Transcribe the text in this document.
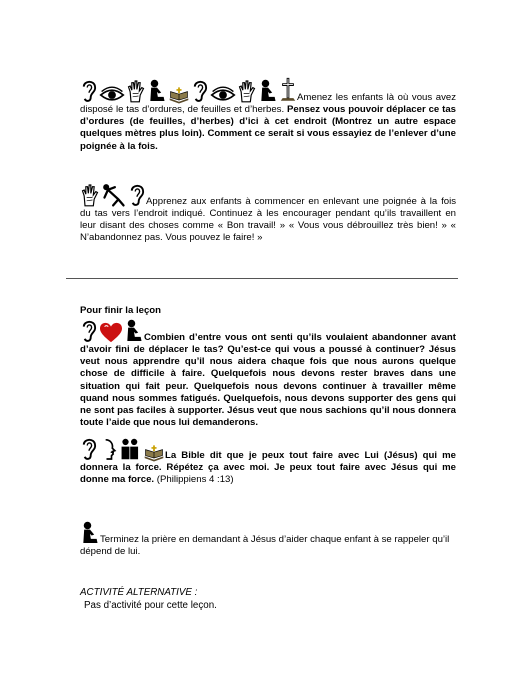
Amenez les enfants là où vous avez disposé le tas d’ordures, de feuilles et d’herbes. Pensez vous pouvoir déplacer ce tas d’ordures (de feuilles, d’herbes) d’ici à cet endroit (Montrez un autre espace quelques mètres plus loin). Comment ce serait si vous essayiez de l’enlever d’une poignée à la fois.
Apprenez aux enfants à commencer en enlevant une poignée à la fois du tas vers l’endroit indiqué. Continuez à les encourager pendant qu’ils travaillent en leur disant des choses comme « Bon travail! » « Vous vous débrouillez très bien! » « N’abandonnez pas. Vous pouvez le faire! »
Pour finir la leçon
Combien d’entre vous ont senti qu’ils voulaient abandonner avant d’avoir fini de déplacer le tas? Qu’est-ce qui vous a poussé à continuer? Jésus veut nous apprendre qu’il nous aidera chaque fois que nous aurons quelque chose de difficile à faire. Quelquefois nous devons rester braves dans une situation qui fait peur. Quelquefois nous devons continuer à travailler même quand nous sommes fatigués. Quelquefois, nous devons supporter des gens qui ne sont pas faciles à supporter. Jésus veut que nous sachions qu’il nous donnera toute l’aide que nous lui demanderons.
La Bible dit que je peux tout faire avec Lui (Jésus) qui me donnera la force. Répétez ça avec moi. Je peux tout faire avec Jésus qui me donne ma force. (Philippiens 4 :13)
Terminez la prière en demandant à Jésus d’aider chaque enfant à se rappeler qu’il dépend de lui.
ACTIVITÉ ALTERNATIVE :
Pas d’activité pour cette leçon.
